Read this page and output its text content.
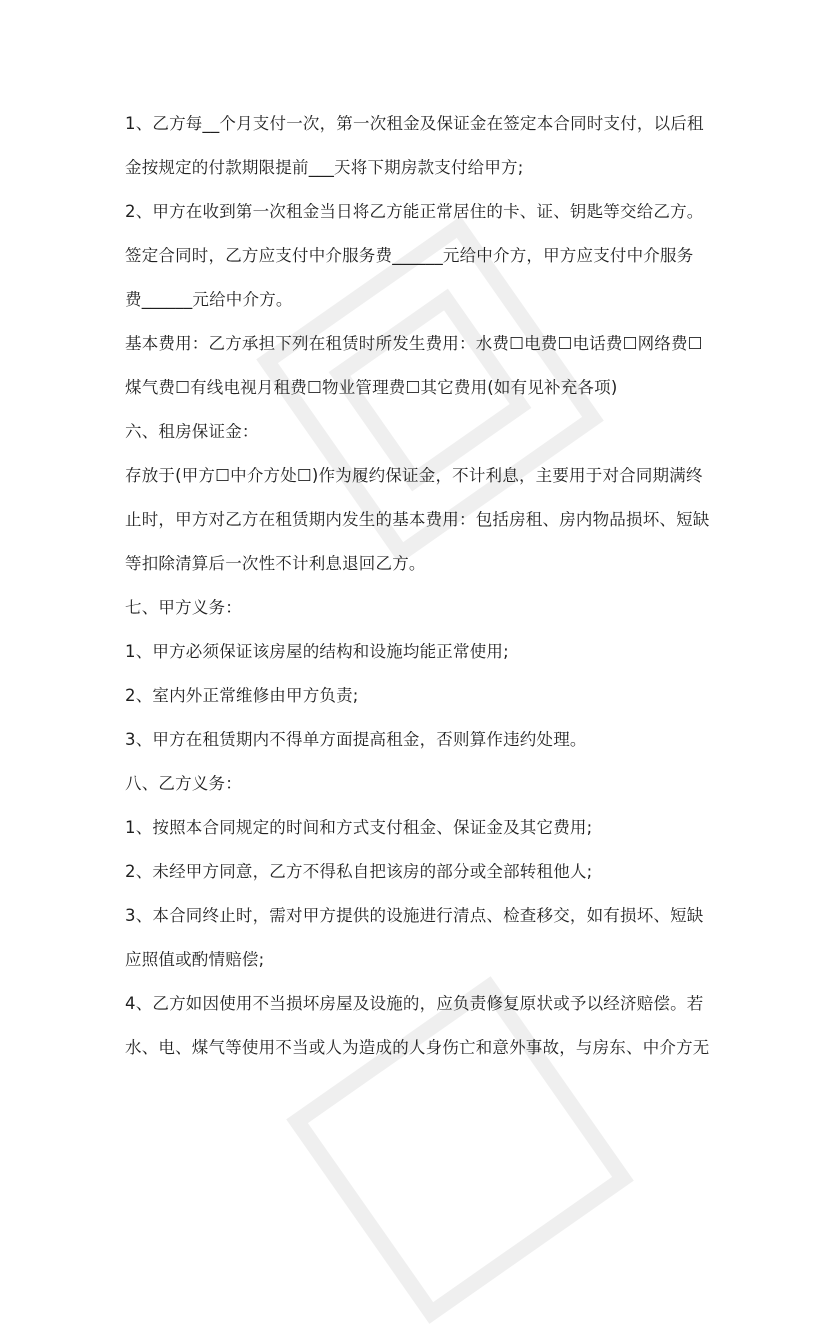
1、乙方每__个月支付一次，第一次租金及保证金在签定本合同时支付，以后租
金按规定的付款期限提前___天将下期房款支付给甲方;
2、甲方在收到第一次租金当日将乙方能正常居住的卡、证、钥匙等交给乙方。
签定合同时，乙方应支付中介服务费______元给中介方，甲方应支付中介服务
费______元给中介方。
基本费用：乙方承担下列在租赁时所发生费用：水费☐电费☐电话费☐网络费☐
煤气费☐有线电视月租费☐物业管理费☐其它费用(如有见补充各项)
六、租房保证金：
存放于(甲方☐中介方处☐)作为履约保证金，不计利息，主要用于对合同期满终
止时，甲方对乙方在租赁期内发生的基本费用：包括房租、房内物品损坏、短缺
等扣除清算后一次性不计利息退回乙方。
七、甲方义务：
1、甲方必须保证该房屋的结构和设施均能正常使用;
2、室内外正常维修由甲方负责;
3、甲方在租赁期内不得单方面提高租金，否则算作违约处理。
八、乙方义务：
1、按照本合同规定的时间和方式支付租金、保证金及其它费用;
2、未经甲方同意，乙方不得私自把该房的部分或全部转租他人;
3、本合同终止时，需对甲方提供的设施进行清点、检查移交，如有损坏、短缺
应照值或酌情赔偿;
4、乙方如因使用不当损坏房屋及设施的，应负责修复原状或予以经济赔偿。若
水、电、煤气等使用不当或人为造成的人身伤亡和意外事故，与房东、中介方无
